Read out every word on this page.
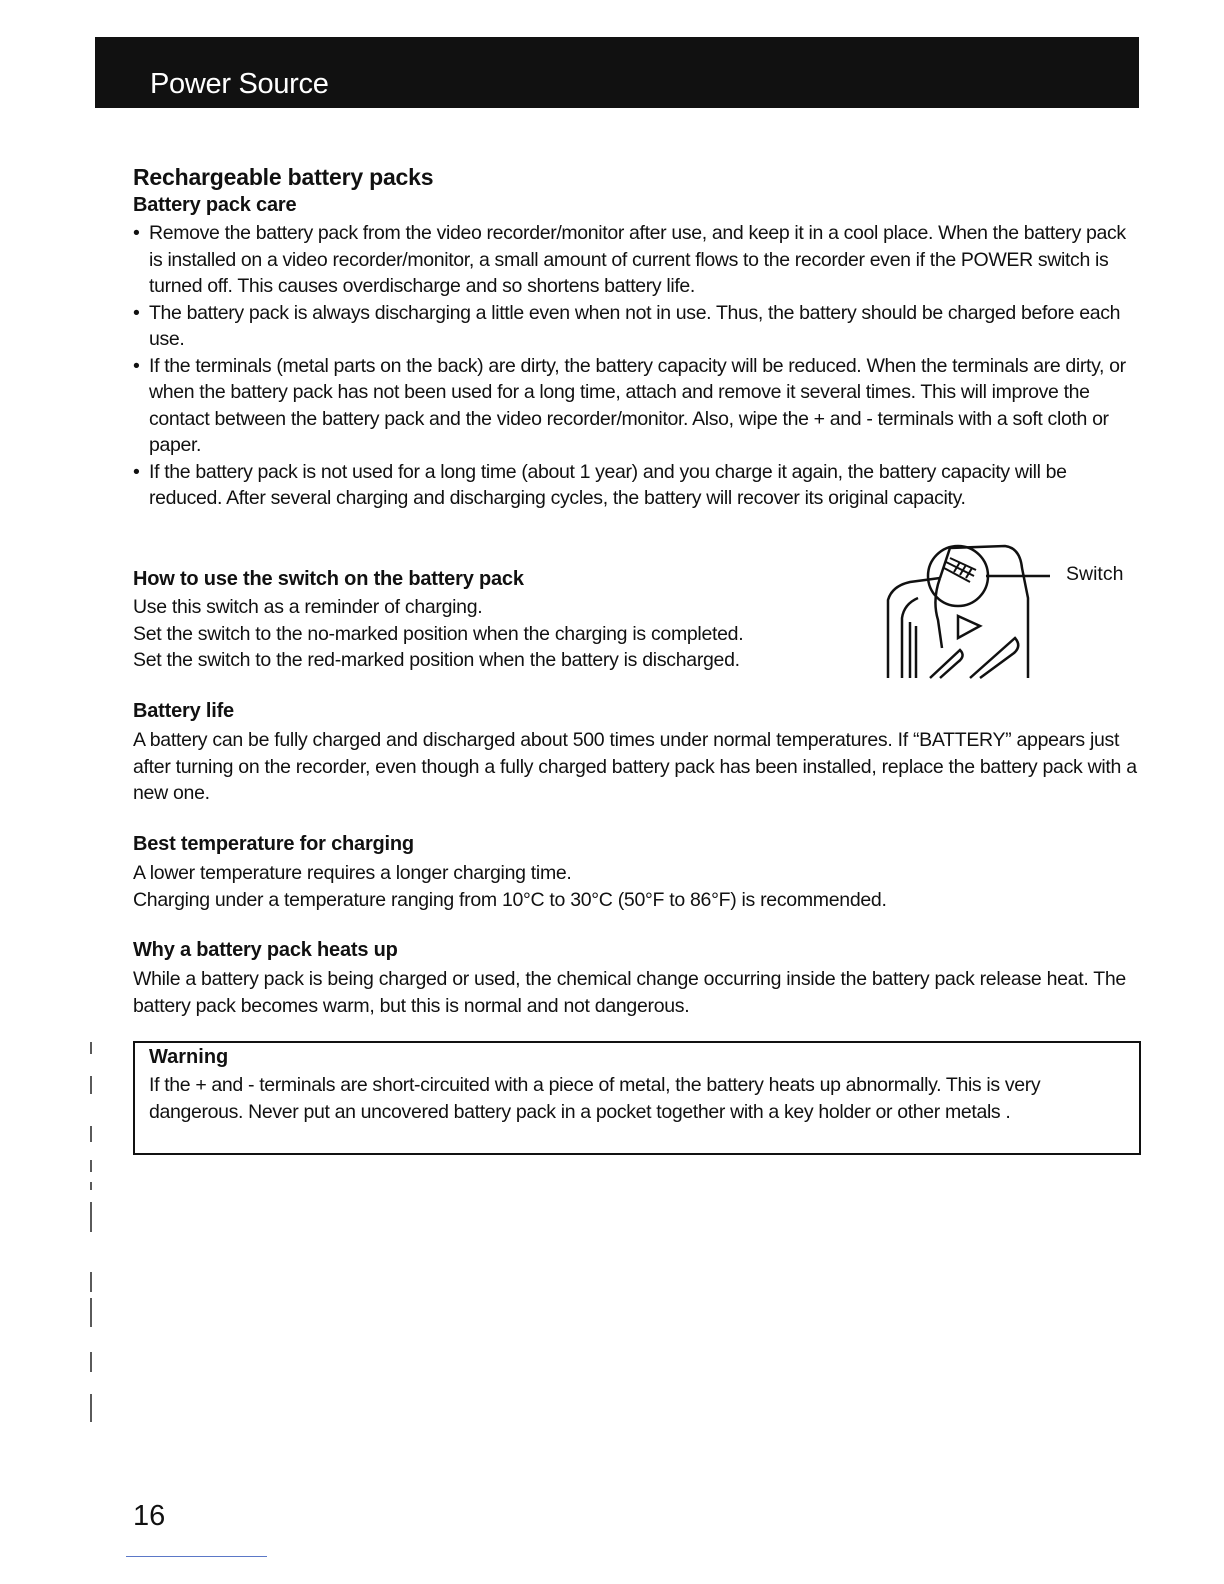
Power Source
Rechargeable battery packs
Battery pack care
• Remove the battery pack from the video recorder/monitor after use, and keep it in a cool place. When the battery pack is installed on a video recorder/monitor, a small amount of current flows to the recorder even if the POWER switch is turned off. This causes overdischarge and so shortens battery life.
• The battery pack is always discharging a little even when not in use. Thus, the battery should be charged before each use.
• If the terminals (metal parts on the back) are dirty, the battery capacity will be reduced. When the terminals are dirty, or when the battery pack has not been used for a long time, attach and remove it several times. This will improve the contact between the battery pack and the video recorder/monitor. Also, wipe the + and - terminals with a soft cloth or paper.
• If the battery pack is not used for a long time (about 1 year) and you charge it again, the battery capacity will be reduced. After several charging and discharging cycles, the battery will recover its original capacity.
How to use the switch on the battery pack
Use this switch as a reminder of charging.
Set the switch to the no-marked position when the charging is completed.
Set the switch to the red-marked position when the battery is discharged.
Switch
Battery life
A battery can be fully charged and discharged about 500 times under normal temperatures. If “BATTERY” appears just after turning on the recorder, even though a fully charged battery pack has been installed, replace the battery pack with a new one.
Best temperature for charging
A lower temperature requires a longer charging time.
Charging under a temperature ranging from 10°C to 30°C (50°F to 86°F) is recommended.
Why a battery pack heats up
While a battery pack is being charged or used, the chemical change occurring inside the battery pack release heat. The battery pack becomes warm, but this is normal and not dangerous.
Warning
If the + and - terminals are short-circuited with a piece of metal, the battery heats up abnormally. This is very dangerous. Never put an uncovered battery pack in a pocket together with a key holder or other metals .
16
